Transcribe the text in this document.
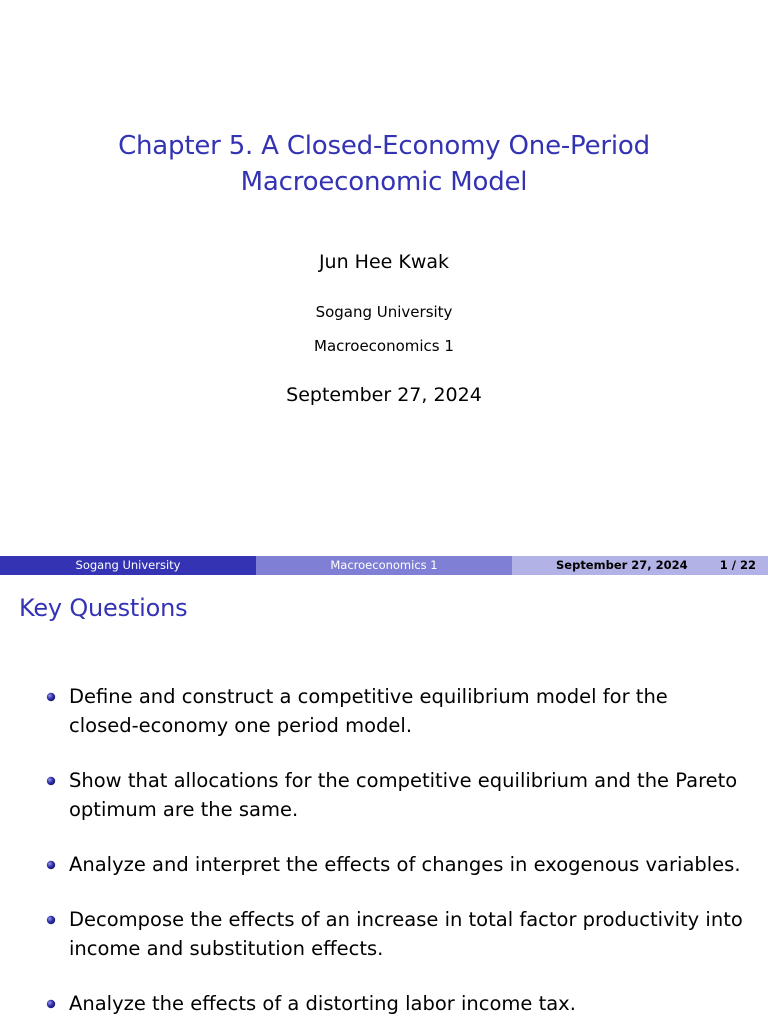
Chapter 5. A Closed-Economy One-Period
Macroeconomic Model
Jun Hee Kwak
Sogang University
Macroeconomics 1
September 27, 2024
Sogang University	Macroeconomics 1	September 27, 2024	1 / 22
Key Questions
Define and construct a competitive equilibrium model for the
closed-economy one period model.
Show that allocations for the competitive equilibrium and the Pareto
optimum are the same.
Analyze and interpret the effects of changes in exogenous variables.
Decompose the effects of an increase in total factor productivity into
income and substitution effects.
Analyze the effects of a distorting labor income tax.
